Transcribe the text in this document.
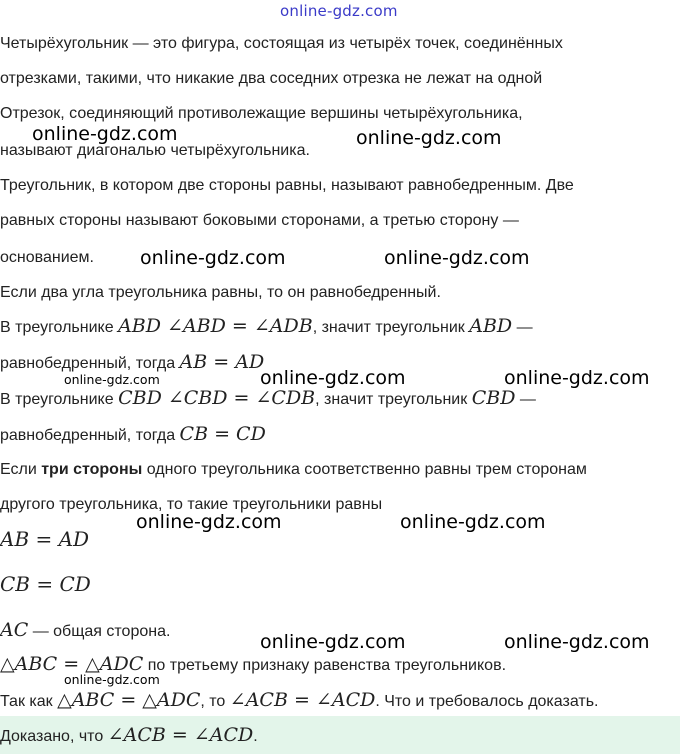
online-gdz.com
Четырёхугольник — это фигура, состоящая из четырёх точек, соединённых
отрезками, такими, что никакие два соседних отрезка не лежат на одной
Отрезок, соединяющий противолежащие вершины четырёхугольника,
называют диагональю четырёхугольника.
Треугольник, в котором две стороны равны, называют равнобедренным. Две
равных стороны называют боковыми сторонами, а третью сторону —
основанием.
Если два угла треугольника равны, то он равнобедренный.
В треугольнике ABD ∠ABD = ∠ADB, значит треугольник ABD —
равнобедренный, тогда AB = AD
В треугольнике CBD ∠CBD = ∠CDB, значит треугольник CBD —
равнобедренный, тогда CB = CD
Если три стороны одного треугольника соответственно равны трем сторонам
другого треугольника, то такие треугольники равны
AB = AD
CB = CD
AC — общая сторона.
△ABC = △ADC по третьему признаку равенства треугольников.
Так как △ABC = △ADC, то ∠ACB = ∠ACD. Что и требовалось доказать.
Доказано, что ∠ACB = ∠ACD.
online-gdz.com	online-gdz.com
online-gdz.com	online-gdz.com
online-gdz.com	online-gdz.com	online-gdz.com
online-gdz.com	online-gdz.com
online-gdz.com	online-gdz.com
online-gdz.com
